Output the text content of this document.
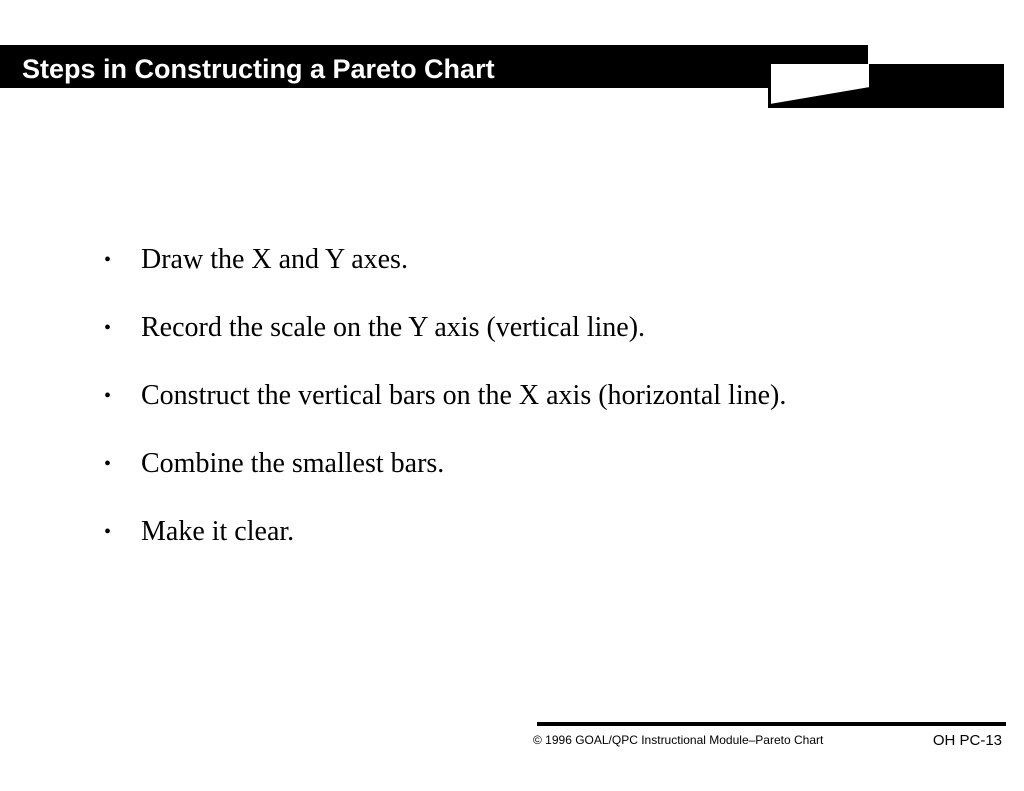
Steps in Constructing a Pareto Chart
•	Draw the X and Y axes.
•	Record the scale on the Y axis (vertical line).
•	Construct the vertical bars on the X axis (horizontal line).
•	Combine the smallest bars.
•	Make it clear.
© 1996 GOAL/QPC Instructional Module–Pareto Chart	OH PC-13
